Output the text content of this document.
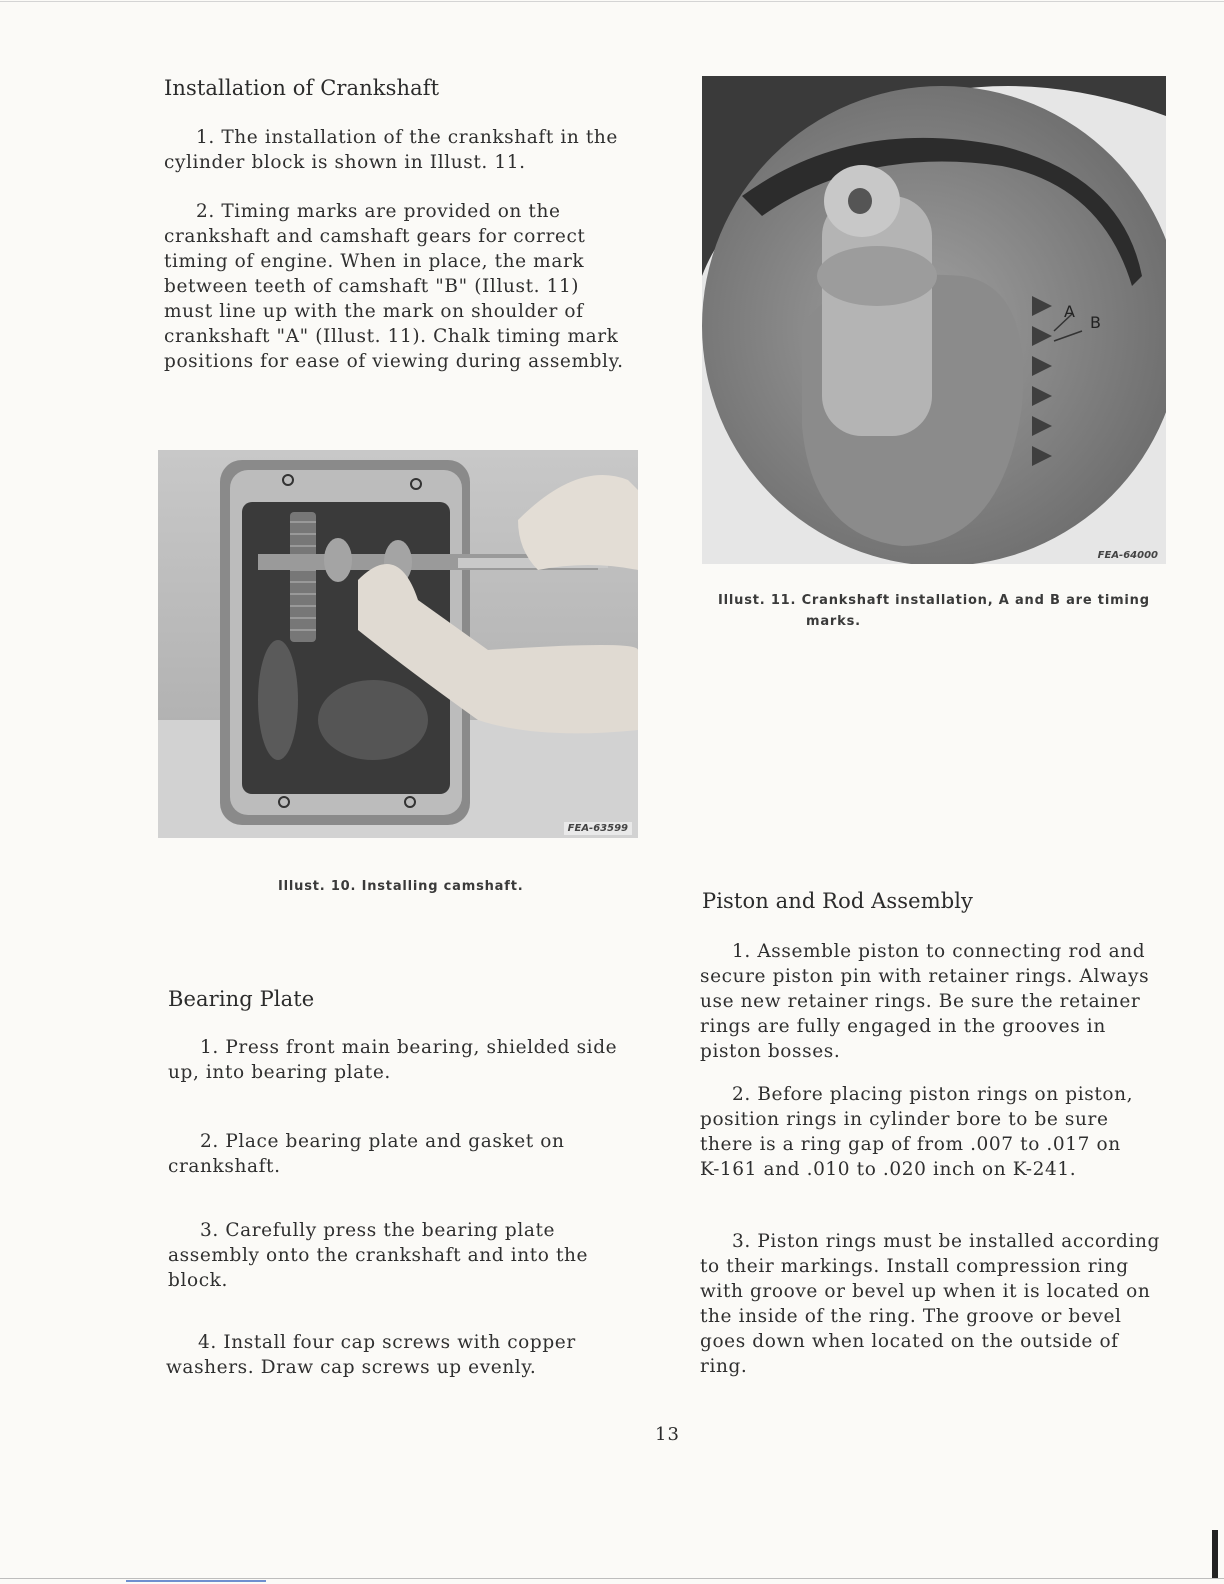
Installation of Crankshaft

1. The installation of the crankshaft in the cylinder block is shown in Illust. 11.

2. Timing marks are provided on the crankshaft and camshaft gears for correct timing of engine. When in place, the mark between teeth of camshaft "B" (Illust. 11) must line up with the mark on shoulder of crankshaft "A" (Illust. 11). Chalk timing mark positions for ease of viewing during assembly.

FEA-63599
Illust. 10. Installing camshaft.
A
B
FEA-64000
Illust. 11. Crankshaft installation, A and B are timing
marks.
Bearing Plate

1. Press front main bearing, shielded side up, into bearing plate.

2. Place bearing plate and gasket on crankshaft.

3. Carefully press the bearing plate assembly onto the crankshaft and into the block.

4. Install four cap screws with copper washers. Draw cap screws up evenly.

Piston and Rod Assembly

1. Assemble piston to connecting rod and secure piston pin with retainer rings. Always use new retainer rings. Be sure the retainer rings are fully engaged in the grooves in piston bosses.

2. Before placing piston rings on piston, position rings in cylinder bore to be sure there is a ring gap of from .007 to .017 on K-161 and .010 to .020 inch on K-241.

3. Piston rings must be installed according to their markings. Install compression ring with groove or bevel up when it is located on the inside of the ring. The groove or bevel goes down when located on the outside of ring.

13
